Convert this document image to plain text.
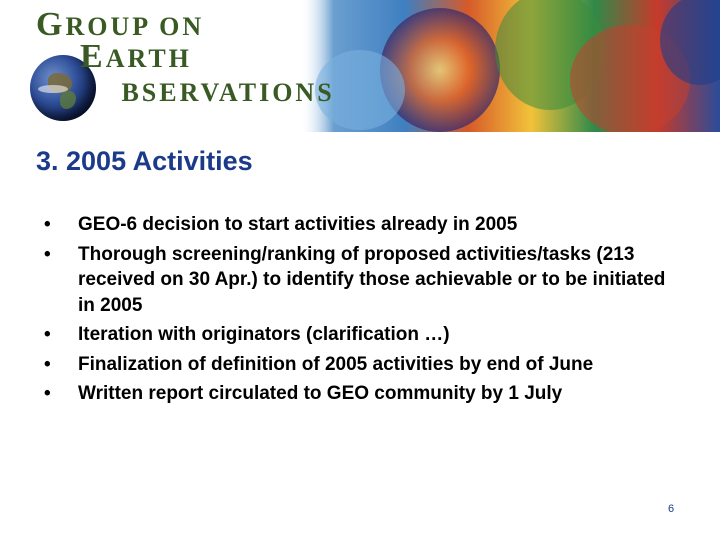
GROUP ON
EARTH
BSERVATIONS
3. 2005 Activities
• GEO-6 decision to start activities already in 2005
• Thorough screening/ranking of proposed activities/tasks (213 received on 30 Apr.) to identify those achievable or to be initiated in 2005
• Iteration with originators (clarification …)
• Finalization of definition of 2005 activities by end of June
• Written report circulated to GEO community by 1 July
6
